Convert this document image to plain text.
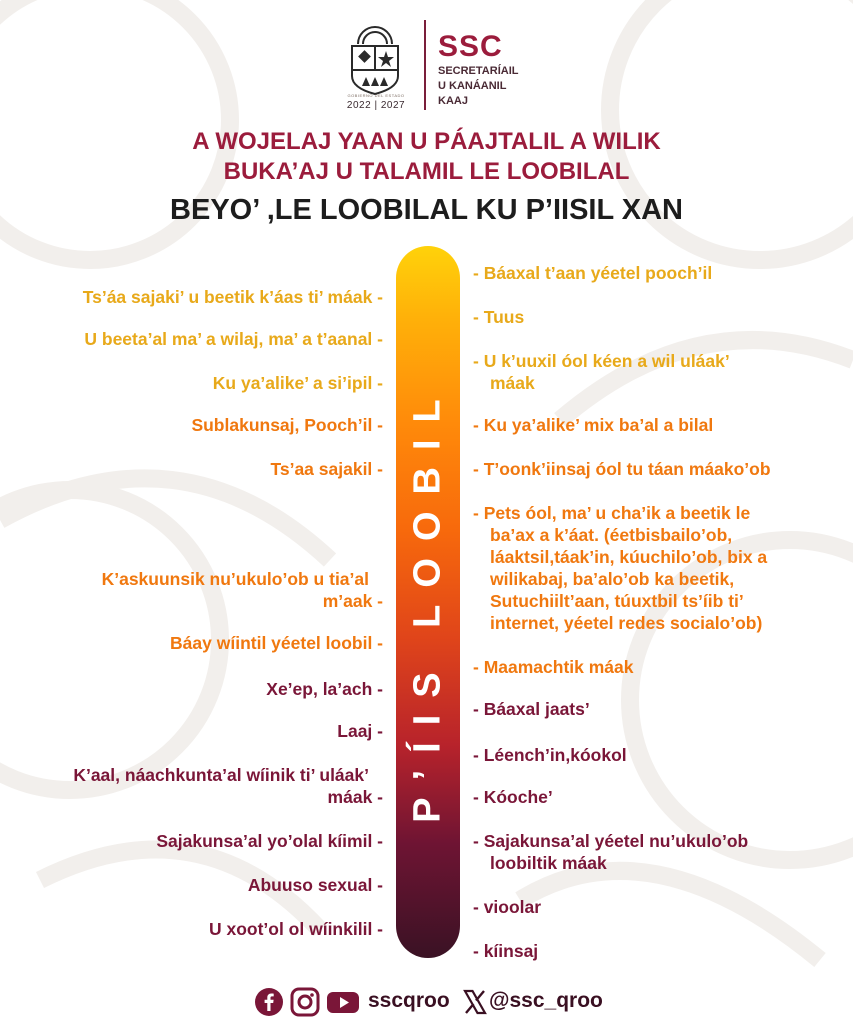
GOBIERNO DEL ESTADO
2022 | 2027
SSC
SECRETARÍAIL
U KANÁANIL
KAAJ
A WOJELAJ YAAN U PÁAJTALIL A WILIK
BUKA’AJ U TALAMIL LE LOOBILAL
BEYO’ ,LE LOOBILAL KU P’IISIL XAN
P’ÍIS LOOBIL
Ts’áa sajaki’ u beetik k’áas ti’ máak -
U beeta’al ma’ a wilaj, ma’ a t’aanal -
Ku ya’alike’ a si’ipil -
Sublakunsaj, Pooch’il -
Ts’aa sajakil -
K’askuunsik nu’ukulo’ob u tia’al
m’aak -
Báay wíintil yéetel loobil -
Xe’ep, la’ach -
Laaj -
K’aal, náachkunta’al wíinik ti’ uláak’
máak -
Sajakunsa’al yo’olal kíimil -
Abuuso sexual -
U xoot’ol ol wíinkilil -
- Báaxal t’aan yéetel pooch’il
- Tuus
- U k’uuxil óol kéen a wil uláak’
máak
- Ku ya’alike’ mix ba’al a bilal
- T’oonk’iinsaj óol tu táan máako’ob
- Pets óol, ma’ u cha’ik a beetik le
ba’ax a k’áat. (éetbisbailo’ob,
láaktsil,táak’in, kúuchilo’ob, bix a
wilikabaj, ba’alo’ob ka beetik,
Sutuchiilt’aan, túuxtbil ts’íib ti’
internet, yéetel redes socialo’ob)
- Maamachtik máak
- Báaxal jaats’
- Léench’in,kóokol
- Kóoche’
- Sajakunsa’al yéetel nu’ukulo’ob
loobiltik máak
- vioolar
- kíinsaj
sscqroo @ssc_qroo
